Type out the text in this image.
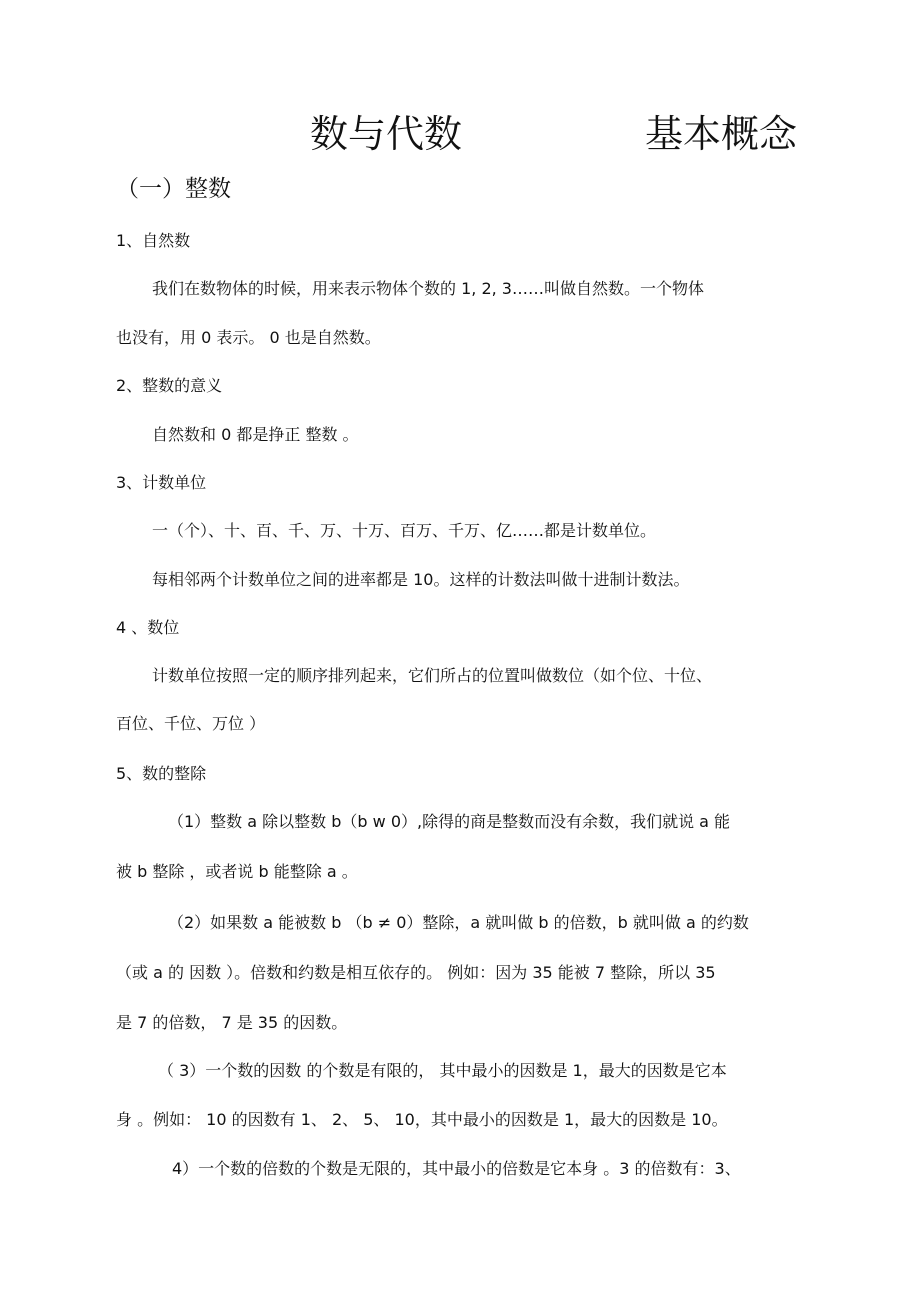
数与代数	基本概念
（一）整数
1、自然数
我们在数物体的时候，用来表示物体个数的 1, 2, 3……叫做自然数。一个物体
也没有，用 0 表示。 0 也是自然数。
2、整数的意义
自然数和 0 都是挣正 整数 。
3、计数单位
一（个）、十、百、千、万、十万、百万、千万、亿……都是计数单位。
每相邻两个计数单位之间的进率都是 10。这样的计数法叫做十进制计数法。
4 、数位
计数单位按照一定的顺序排列起来，它们所占的位置叫做数位（如个位、十位、
百位、千位、万位 ）
5、数的整除
（1）整数 a 除以整数 b（b w 0）,除得的商是整数而没有余数，我们就说 a 能
被 b 整除 ，或者说 b 能整除 a 。
（2）如果数 a 能被数 b （b ≠ 0）整除，a 就叫做 b 的倍数，b 就叫做 a 的约数
（或 a 的 因数 ）。倍数和约数是相互依存的。 例如：因为 35 能被 7 整除，所以 35
是 7 的倍数， 7 是 35 的因数。
（ 3）一个数的因数 的个数是有限的， 其中最小的因数是 1，最大的因数是它本
身 。例如： 10 的因数有 1、 2、 5、 10，其中最小的因数是 1，最大的因数是 10。
4）一个数的倍数的个数是无限的，其中最小的倍数是它本身 。3 的倍数有：3、
